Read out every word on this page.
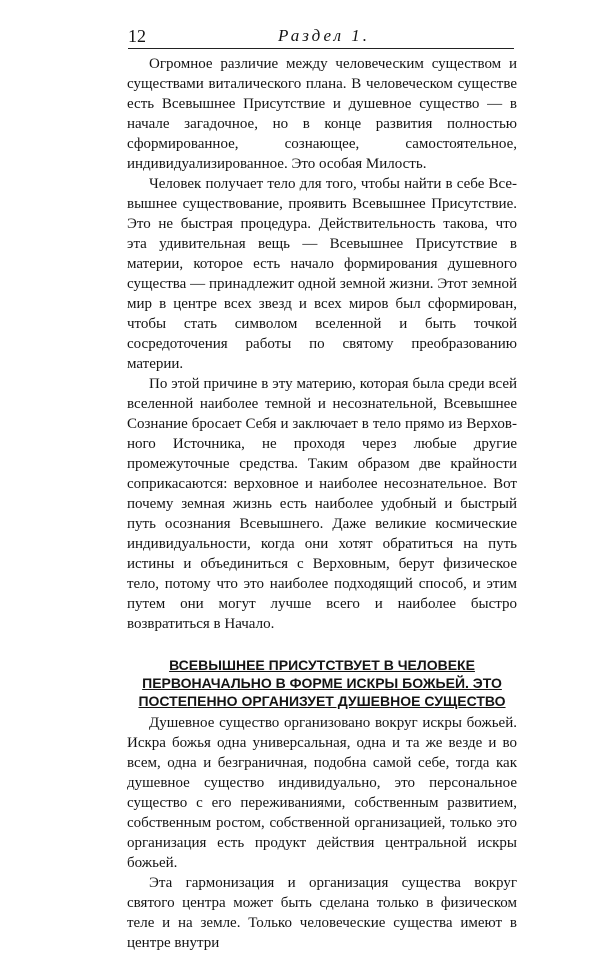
12	Раздел 1.

Огромное различие между человеческим существом и существами виталического плана. В человеческом существе есть Всевышнее Присутствие и душевное существо — в начале загадочное, но в конце развития полностью сформированное, сознающее, самостоятельное, индивидуализированное. Это особая Милость.

Человек получает тело для того, чтобы найти в себе Всевышнее существование, проявить Всевышнее Присутствие. Это не быстрая процедура. Действительность такова, что эта удивительная вещь — Всевышнее Присутствие в материи, которое есть начало формирования душевного существа — принадлежит одной земной жизни. Этот земной мир в центре всех звезд и всех миров был сформирован, чтобы стать символом вселенной и быть точкой сосредоточения работы по святому преобразованию материи.

По этой причине в эту материю, которая была среди всей вселенной наиболее темной и несознательной, Всевышнее Сознание бросает Себя и заключает в тело прямо из Верховного Источника, не проходя через любые другие промежуточные средства. Таким образом две крайности соприкасаются: верховное и наиболее несознательное. Вот почему земная жизнь есть наиболее удобный и быстрый путь осознания Всевышнего. Даже великие космические индивидуальности, когда они хотят обратиться на путь истины и объединиться с Верховным, берут физическое тело, потому что это наиболее подходящий способ, и этим путем они могут лучше всего и наиболее быстро возвратиться в Начало.

ВСЕВЫШНЕЕ ПРИСУТСТВУЕТ В ЧЕЛОВЕКЕ
ПЕРВОНАЧАЛЬНО В ФОРМЕ ИСКРЫ БОЖЬЕЙ. ЭТО
ПОСТЕПЕННО ОРГАНИЗУЕТ ДУШЕВНОЕ СУЩЕСТВО

Душевное существо организовано вокруг искры божьей. Искра божья одна универсальная, одна и та же везде и во всем, одна и безграничная, подобна самой себе, тогда как душевное существо индивидуально, это персональное существо с его переживаниями, собственным развитием, собственным ростом, собственной организацией, только это организация есть продукт действия центральной искры божьей.

Эта гармонизация и организация существа вокруг святого центра может быть сделана только в физическом теле и на земле. Только человеческие существа имеют в центре внутри
